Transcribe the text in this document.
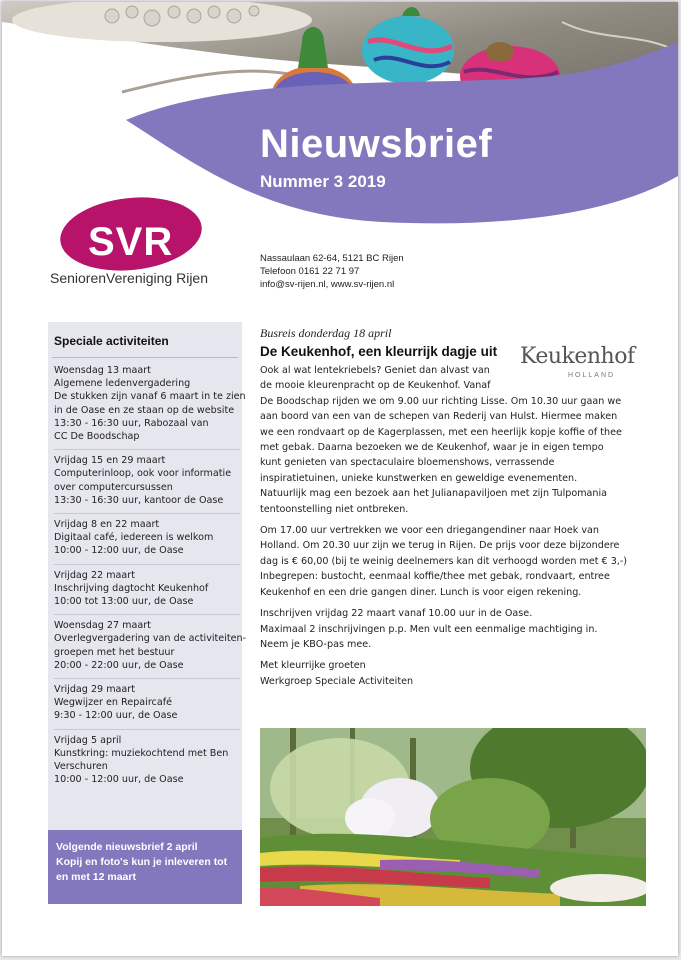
Nieuwsbrief
Nummer 3 2019
SVR
SeniorenVereniging Rijen
Nassaulaan 62-64, 5121 BC Rijen
Telefoon 0161 22 71 97
info@sv-rijen.nl, www.sv-rijen.nl
Speciale activiteiten
Woensdag 13 maart
Algemene ledenvergadering
De stukken zijn vanaf 6 maart in te zien
in de Oase en ze staan op de website
13:30 - 16:30 uur, Rabozaal van
CC De Boodschap
Vrijdag 15 en 29 maart
Computerinloop, ook voor informatie
over computercursussen
13:30 - 16:30 uur, kantoor de Oase
Vrijdag 8 en 22 maart
Digitaal café, iedereen is welkom
10:00 - 12:00 uur, de Oase
Vrijdag 22 maart
Inschrijving dagtocht Keukenhof
10:00 tot 13:00 uur, de Oase
Woensdag 27 maart
Overlegvergadering van de activiteiten-
groepen met het bestuur
20:00 - 22:00 uur, de Oase
Vrijdag 29 maart
Wegwijzer en Repaircafé
9:30 - 12:00 uur, de Oase
Vrijdag 5 april
Kunstkring: muziekochtend met Ben
Verschuren
10:00 - 12:00 uur, de Oase
Volgende nieuwsbrief 2 april
Kopij en foto's kun je inleveren tot
en met 12 maart
Keukenhof
HOLLAND
Busreis donderdag 18 april
De Keukenhof, een kleurrijk dagje uit
Ook al wat lentekriebels? Geniet dan alvast van
de mooie kleurenpracht op de Keukenhof. Vanaf
De Boodschap rijden we om 9.00 uur richting Lisse. Om 10.30 uur gaan we
aan boord van een van de schepen van Rederij van Hulst. Hiermee maken
we een rondvaart op de Kagerplassen, met een heerlijk kopje koffie of thee
met gebak. Daarna bezoeken we de Keukenhof, waar je in eigen tempo
kunt genieten van spectaculaire bloemenshows, verrassende
inspiratietuinen, unieke kunstwerken en geweldige evenementen.
Natuurlijk mag een bezoek aan het Julianapaviljoen met zijn Tulpomania
tentoonstelling niet ontbreken.
Om 17.00 uur vertrekken we voor een driegangendiner naar Hoek van
Holland. Om 20.30 uur zijn we terug in Rijen. De prijs voor deze bijzondere
dag is € 60,00 (bij te weinig deelnemers kan dit verhoogd worden met € 3,-)
Inbegrepen: bustocht, eenmaal koffie/thee met gebak, rondvaart, entree
Keukenhof en een drie gangen diner. Lunch is voor eigen rekening.
Inschrijven vrijdag 22 maart vanaf 10.00 uur in de Oase.
Maximaal 2 inschrijvingen p.p. Men vult een eenmalige machtiging in.
Neem je KBO-pas mee.
Met kleurrijke groeten
Werkgroep Speciale Activiteiten
